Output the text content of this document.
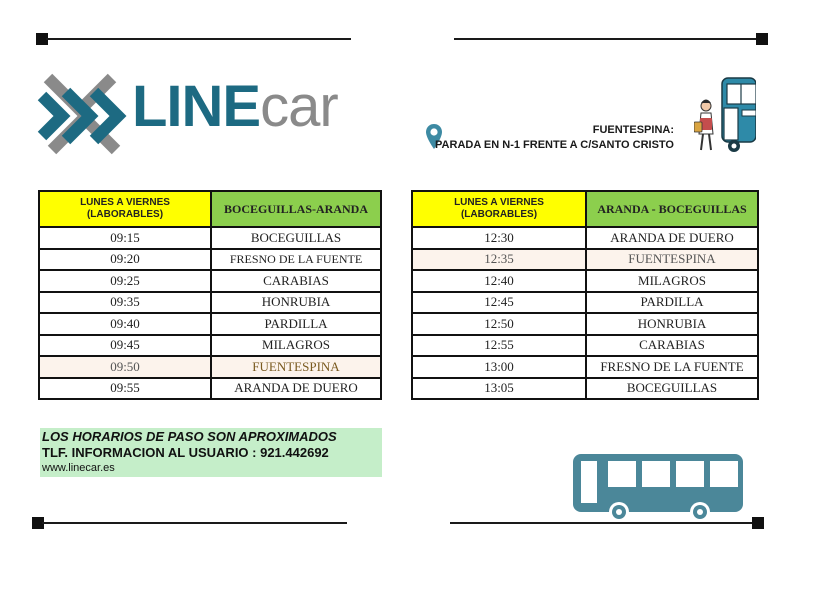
LINEcar	FUENTESPINA:
PARADA EN N-1 FRENTE A C/SANTO CRISTO
LUNES A VIERNES
(LABORABLES)	BOCEGUILLAS-ARANDA
09:15	BOCEGUILLAS
09:20	FRESNO DE LA FUENTE
09:25	CARABIAS
09:35	HONRUBIA
09:40	PARDILLA
09:45	MILAGROS
09:50	FUENTESPINA
09:55	ARANDA DE DUERO
LUNES A VIERNES
(LABORABLES)	ARANDA - BOCEGUILLAS
12:30	ARANDA DE DUERO
12:35	FUENTESPINA
12:40	MILAGROS
12:45	PARDILLA
12:50	HONRUBIA
12:55	CARABIAS
13:00	FRESNO DE LA FUENTE
13:05	BOCEGUILLAS
LOS HORARIOS DE PASO SON APROXIMADOS
TLF. INFORMACION AL USUARIO : 921.442692
www.linecar.es
